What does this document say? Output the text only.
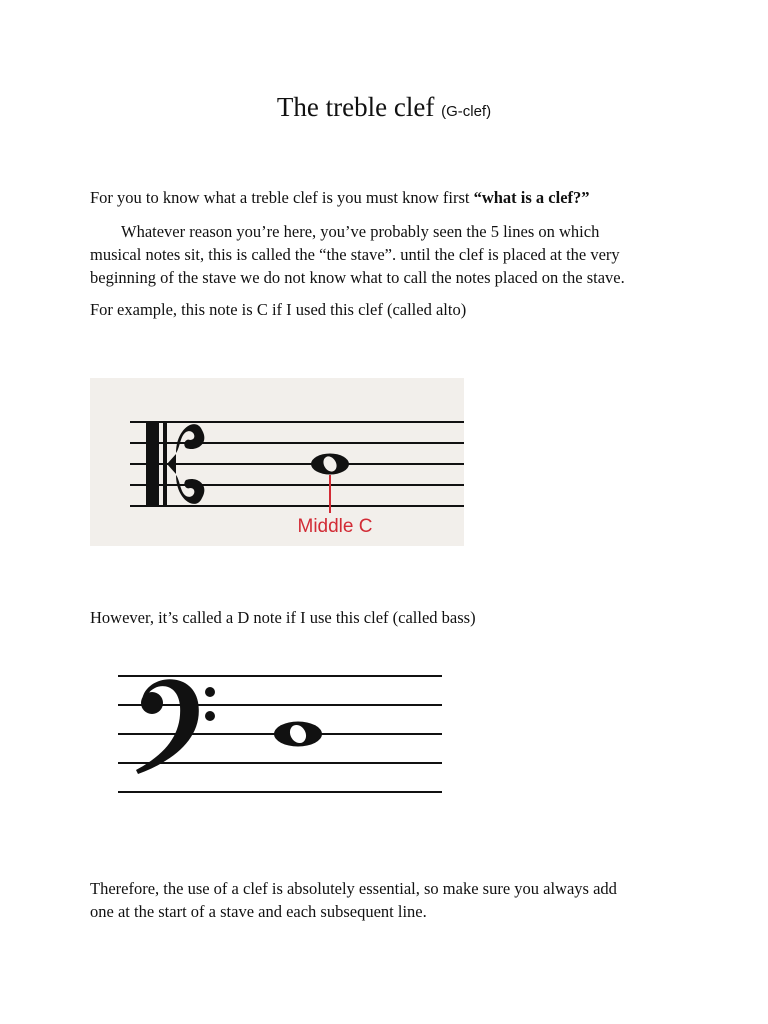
The treble clef (G-clef)

For you to know what a treble clef is you must know first “what is a clef?”

Whatever reason you’re here, you’ve probably seen the 5 lines on which
musical notes sit, this is called the “the stave”. until the clef is placed at the very
beginning of the stave we do not know what to call the notes placed on the stave.

For example, this note is C if I used this clef (called alto)

Middle C

However, it’s called a D note if I use this clef (called bass)

Therefore, the use of a clef is absolutely essential, so make sure you always add
one at the start of a stave and each subsequent line.
